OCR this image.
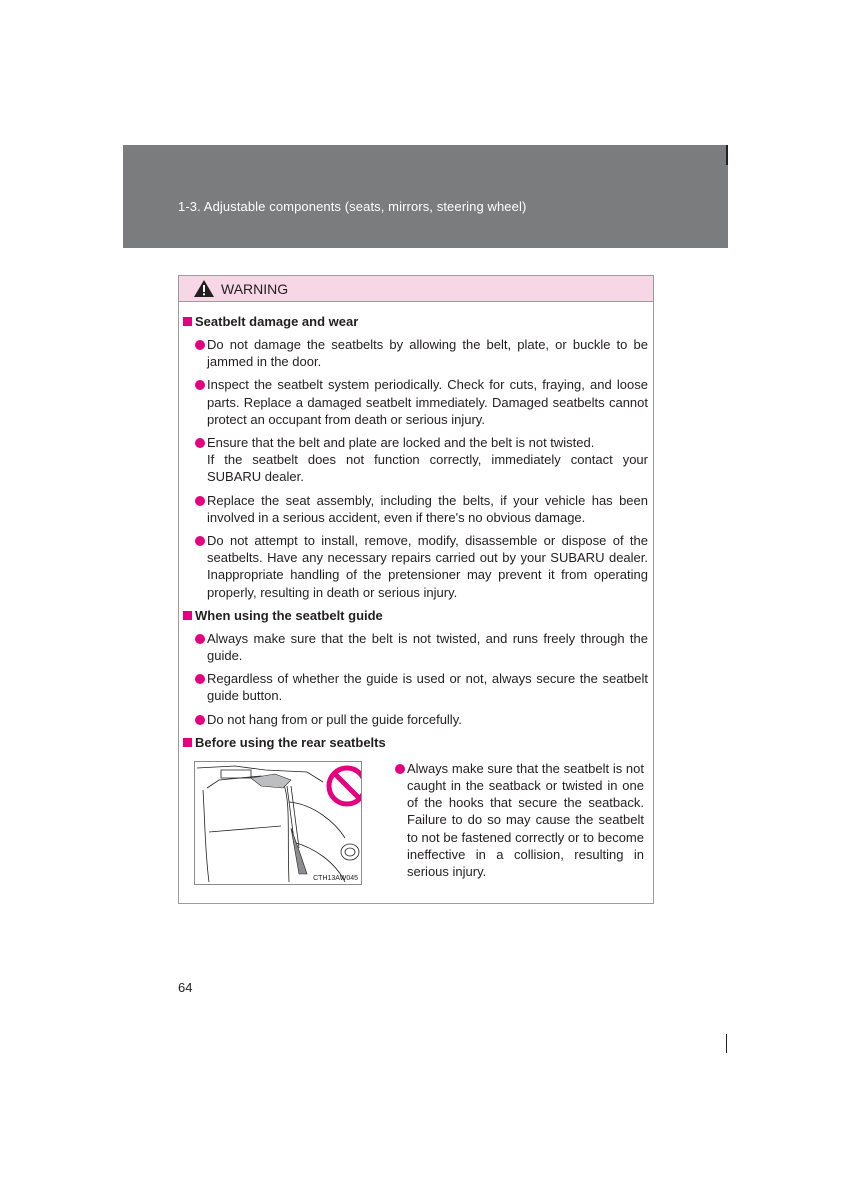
1-3. Adjustable components (seats, mirrors, steering wheel)
WARNING
Seatbelt damage and wear
Do not damage the seatbelts by allowing the belt, plate, or buckle to be jammed in the door.
Inspect the seatbelt system periodically. Check for cuts, fraying, and loose parts. Replace a damaged seatbelt immediately. Damaged seatbelts cannot protect an occupant from death or serious injury.
Ensure that the belt and plate are locked and the belt is not twisted.
If the seatbelt does not function correctly, immediately contact your SUBARU dealer.
Replace the seat assembly, including the belts, if your vehicle has been involved in a serious accident, even if there's no obvious damage.
Do not attempt to install, remove, modify, disassemble or dispose of the seatbelts. Have any necessary repairs carried out by your SUBARU dealer. Inappropriate handling of the pretensioner may prevent it from operating properly, resulting in death or serious injury.
When using the seatbelt guide
Always make sure that the belt is not twisted, and runs freely through the guide.
Regardless of whether the guide is used or not, always secure the seatbelt guide button.
Do not hang from or pull the guide forcefully.
Before using the rear seatbelts
CTH13AW045
Always make sure that the seatbelt is not caught in the seatback or twisted in one of the hooks that secure the seatback. Failure to do so may cause the seatbelt to not be fastened correctly or to become ineffective in a collision, resulting in serious injury.
64
